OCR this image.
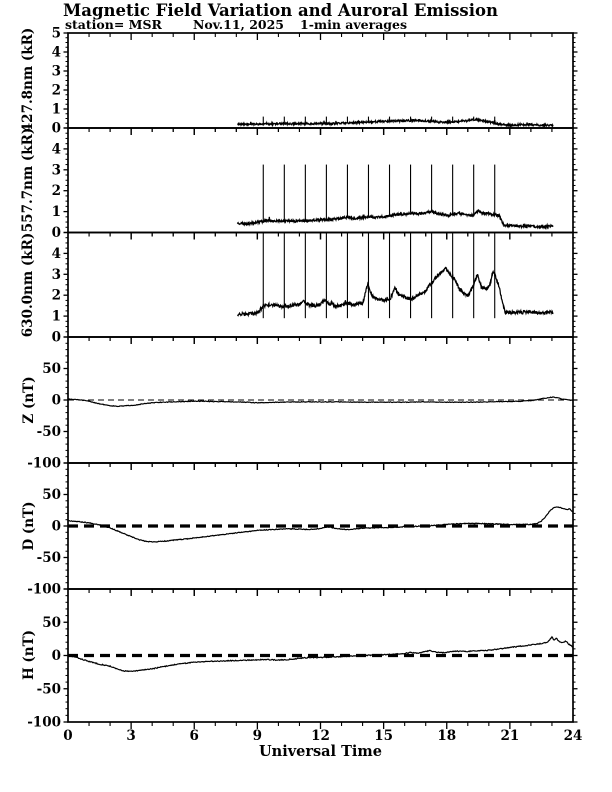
Magnetic Field Variation and Auroral Emission
station= MSR Nov.11, 2025 1-min averages
427.8nm (kR)
557.7nm (kR)
630.0nm (kR)
Z (nT)
D (nT)
H (nT)
0
1
2
3
4
5
0
1
2
3
4
0
1
2
3
4
50
0
-50
-100
50
0
-50
-100
50
0
-50
-100
0	3	6	9	12	15	18	21	24
Universal Time
